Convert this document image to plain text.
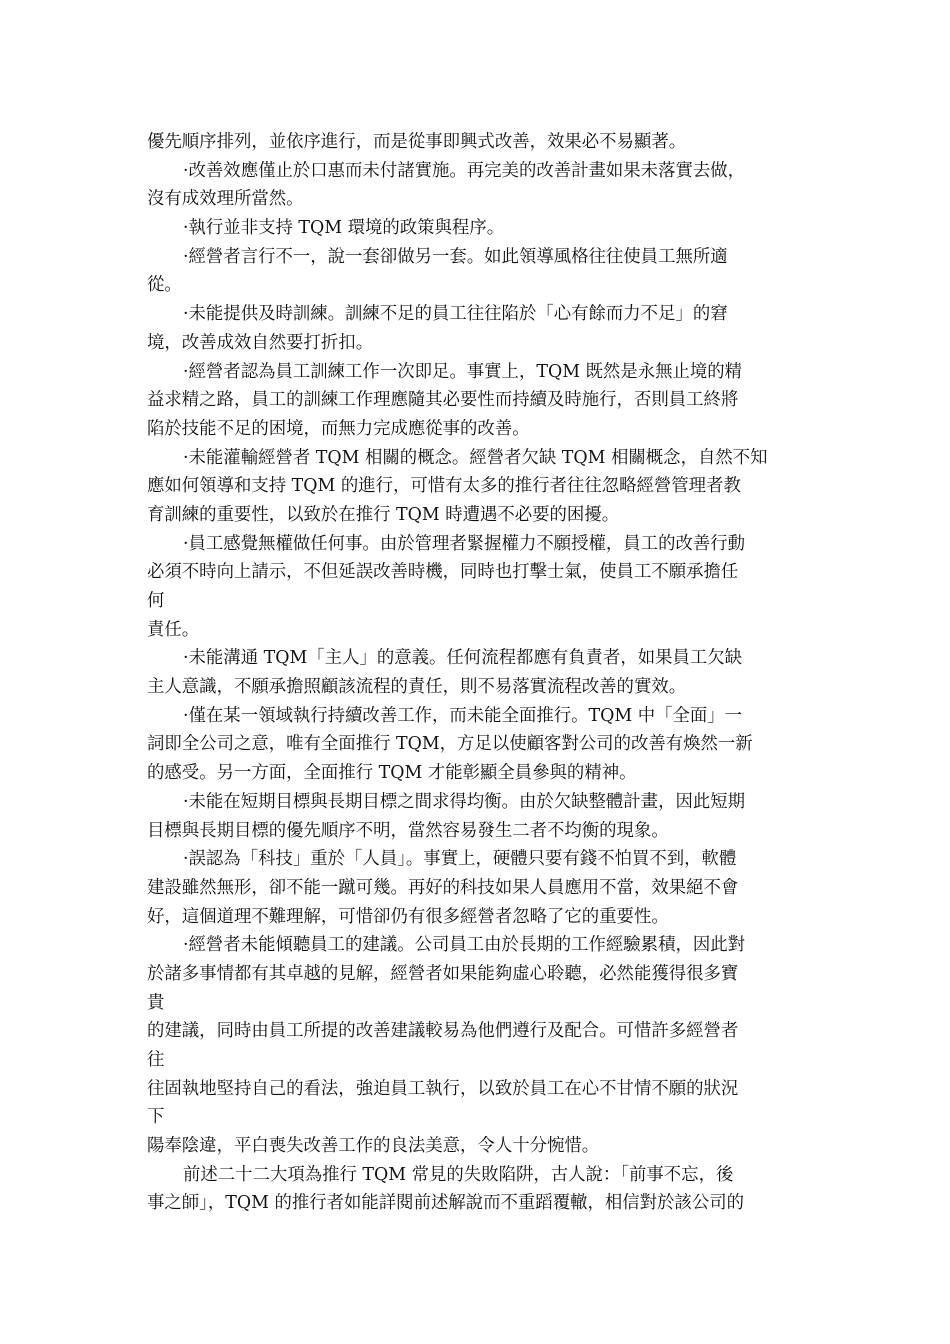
優先順序排列，並依序進行，而是從事即興式改善，效果必不易顯著。
·改善效應僅止於口惠而未付諸實施。再完美的改善計畫如果未落實去做，
沒有成效理所當然。
·執行並非支持 TQM 環境的政策與程序。
·經營者言行不一，說一套卻做另一套。如此領導風格往往使員工無所適
從。
·未能提供及時訓練。訓練不足的員工往往陷於「心有餘而力不足」的窘
境，改善成效自然要打折扣。
·經營者認為員工訓練工作一次即足。事實上，TQM 既然是永無止境的精
益求精之路，員工的訓練工作理應隨其必要性而持續及時施行，否則員工終將
陷於技能不足的困境，而無力完成應從事的改善。
·未能灌輸經營者 TQM 相關的概念。經營者欠缺 TQM 相關概念，自然不知
應如何領導和支持 TQM 的進行，可惜有太多的推行者往往忽略經營管理者教
育訓練的重要性，以致於在推行 TQM 時遭遇不必要的困擾。
·員工感覺無權做任何事。由於管理者緊握權力不願授權，員工的改善行動
必須不時向上請示，不但延誤改善時機，同時也打擊士氣，使員工不願承擔任
何
責任。
·未能溝通 TQM「主人」的意義。任何流程都應有負責者，如果員工欠缺
主人意識，不願承擔照顧該流程的責任，則不易落實流程改善的實效。
·僅在某一領域執行持續改善工作，而未能全面推行。TQM 中「全面」一
詞即全公司之意，唯有全面推行 TQM，方足以使顧客對公司的改善有煥然一新
的感受。另一方面，全面推行 TQM 才能彰顯全員參與的精神。
·未能在短期目標與長期目標之間求得均衡。由於欠缺整體計畫，因此短期
目標與長期目標的優先順序不明，當然容易發生二者不均衡的現象。
·誤認為「科技」重於「人員」。事實上，硬體只要有錢不怕買不到，軟體
建設雖然無形，卻不能一蹴可幾。再好的科技如果人員應用不當，效果絕不會
好，這個道理不難理解，可惜卻仍有很多經營者忽略了它的重要性。
·經營者未能傾聽員工的建議。公司員工由於長期的工作經驗累積，因此對
於諸多事情都有其卓越的見解，經營者如果能夠虛心聆聽，必然能獲得很多寶
貴
的建議，同時由員工所提的改善建議較易為他們遵行及配合。可惜許多經營者
往
往固執地堅持自己的看法，強迫員工執行，以致於員工在心不甘情不願的狀況
下
陽奉陰違，平白喪失改善工作的良法美意，令人十分惋惜。
前述二十二大項為推行 TQM 常見的失敗陷阱，古人說：「前事不忘，後
事之師」，TQM 的推行者如能詳閱前述解說而不重蹈覆轍，相信對於該公司的
